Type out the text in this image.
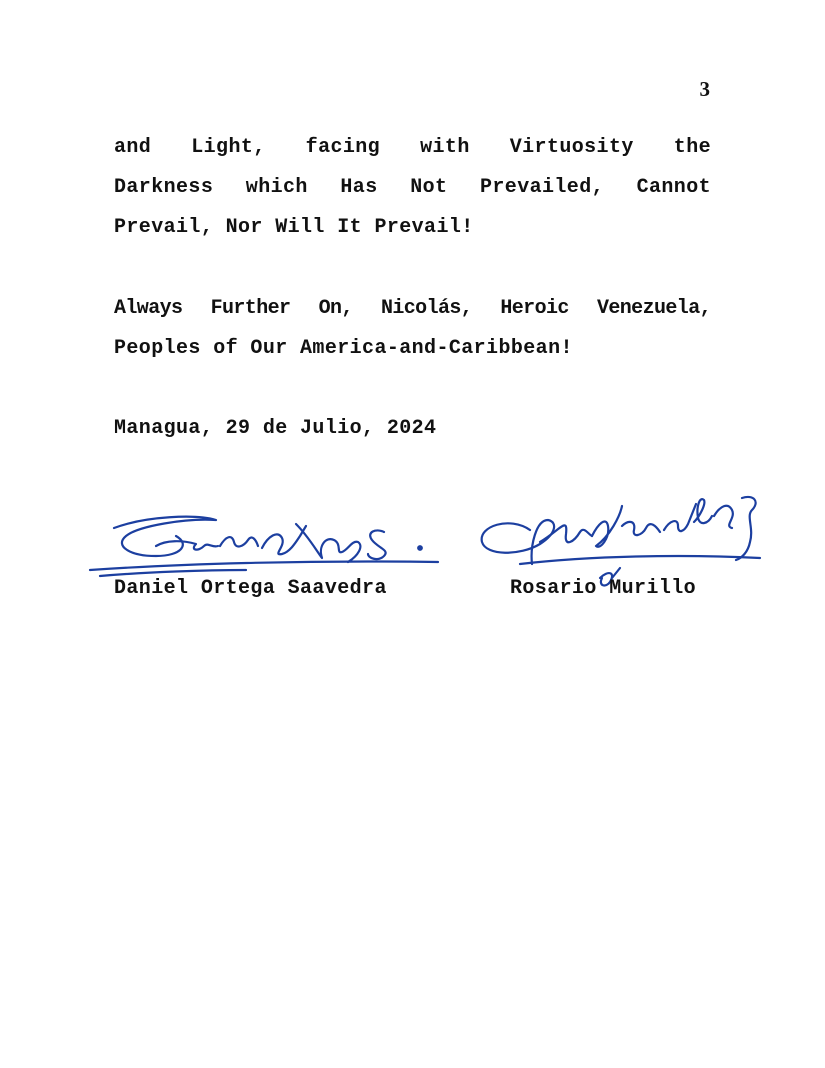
3
and Light, facing with Virtuosity the
Darkness which Has Not Prevailed, Cannot
Prevail, Nor Will It Prevail!
Always Further On, Nicolás, Heroic Venezuela,
Peoples of Our America-and-Caribbean!
Managua, 29 de Julio, 2024
Daniel Ortega Saavedra	Rosario Murillo
